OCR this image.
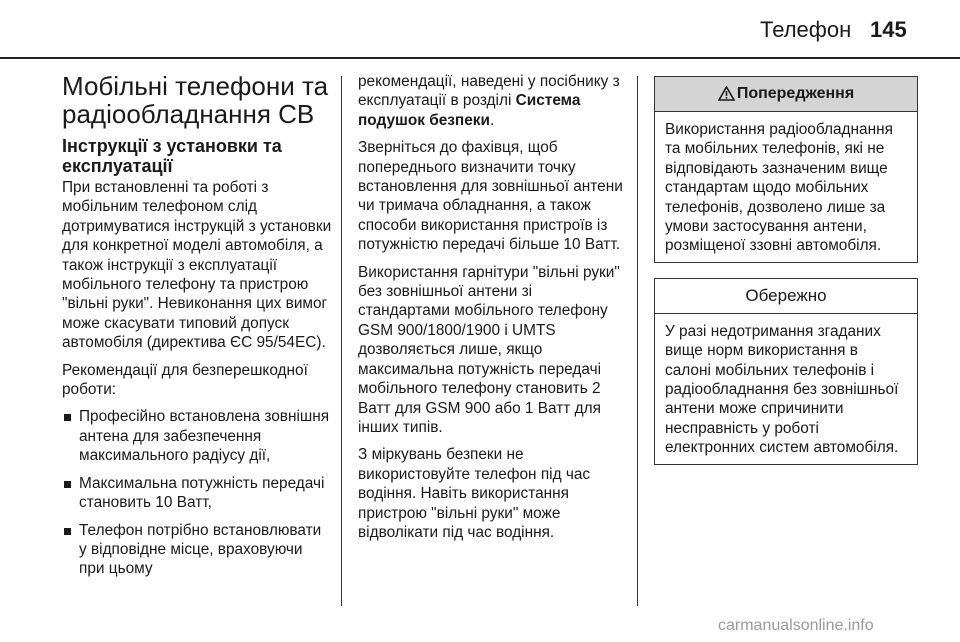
Телефон 145
Мобільні телефони та
радіообладнання СВ
Інструкції з установки та
експлуатації

При встановленні та роботі з мобільним телефоном слід дотримуватися інструкцій з установки для конкретної моделі автомобіля, а також інструкції з експлуатації мобільного телефону та пристрою "вільні руки". Невиконання цих вимог може скасувати типовий допуск автомобіля (директива ЄС 95/54ЕС).

Рекомендації для безперешкодної роботи:

Професійно встановлена зовнішня антена для забезпечення максимального радіусу дії,
Максимальна потужність передачі становить 10 Ватт,
Телефон потрібно встановлювати у відповідне місце, враховуючи при цьому

рекомендації, наведені у посібнику з експлуатації в розділі Система подушок безпеки.

Зверніться до фахівця, щоб попереднього визначити точку встановлення для зовнішньої антени чи тримача обладнання, а також способи використання пристроїв із потужністю передачі більше 10 Ватт.

Використання гарнітури "вільні руки" без зовнішньої антени зі стандартами мобільного телефону GSM 900/1800/1900 і UMTS дозволяється лише, якщо максимальна потужність передачі мобільного телефону становить 2 Ватт для GSM 900 або 1 Ватт для інших типів.

З міркувань безпеки не використовуйте телефон під час водіння. Навіть використання пристрою "вільні руки" може відволікати під час водіння.

Попередження

Використання радіообладнання та мобільних телефонів, які не відповідають зазначеним вище стандартам щодо мобільних телефонів, дозволено лише за умови застосування антени, розміщеної ззовні автомобіля.

Обережно

У разі недотримання згаданих вище норм використання в салоні мобільних телефонів і радіообладнання без зовнішньої антени може спричинити несправність у роботі електронних систем автомобіля.

carmanualsonline.info
